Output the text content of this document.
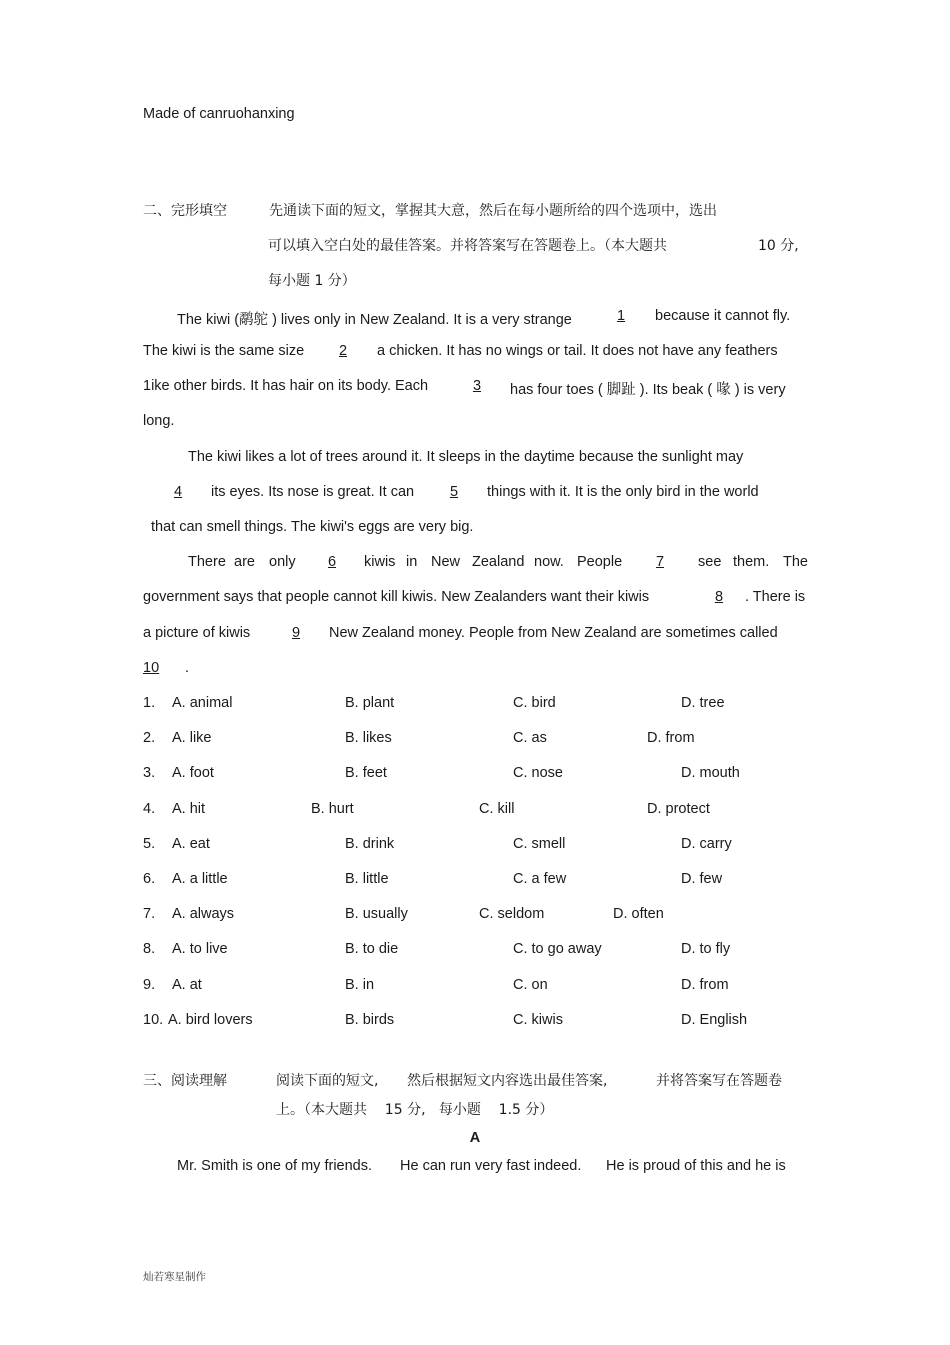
Made of canruohanxing
二、完形填空	先通读下面的短文，掌握其大意，然后在每小题所给的四个选项中，选出
可以填入空白处的最佳答案。并将答案写在答题卷上。（本大题共	10 分,
每小题 1 分）
The kiwi (鹬鸵 ) lives only in New Zealand. It is a very strange	1	because it cannot fly.
The kiwi is the same size	2	a chicken. It has no wings or tail. It does not have any feathers
1ike other birds. It has hair on its body. Each	3	has four toes ( 脚趾 ). Its beak ( 喙 ) is very
long.
The kiwi likes a lot of trees around it. It sleeps in the daytime because the sunlight may
4	its eyes. Its nose is great. It can	5	things with it. It is the only bird in the world
that can smell things. The kiwi's eggs are very big.
There are only	6	kiwis in New Zealand now. People	7	see them. The
government says that people cannot kill kiwis. New Zealanders want their kiwis	8	. There is
a picture of kiwis	9	New Zealand money. People from New Zealand are sometimes called
10	.
1. A. animal	B. plant	C. bird	D. tree
2. A. like	B. likes	C. as	D. from
3. A. foot	B. feet	C. nose	D. mouth
4. A. hit	B. hurt	C. kill	D. protect
5. A. eat	B. drink	C. smell	D. carry
6. A. a little	B. little	C. a few	D. few
7. A. always	B. usually	C. seldom	D. often
8. A. to live	B. to die	C. to go away	D. to fly
9. A. at	B. in	C. on	D. from
10. A. bird lovers	B. birds	C. kiwis	D. English
三、阅读理解	阅读下面的短文, 然后根据短文内容选出最佳答案,	并将答案写在答题卷
上。（本大题共    15 分,   每小题    1.5 分）
A
Mr. Smith is one of my friends. He can run very fast indeed. He is proud of this and he is
灿若寒星制作
